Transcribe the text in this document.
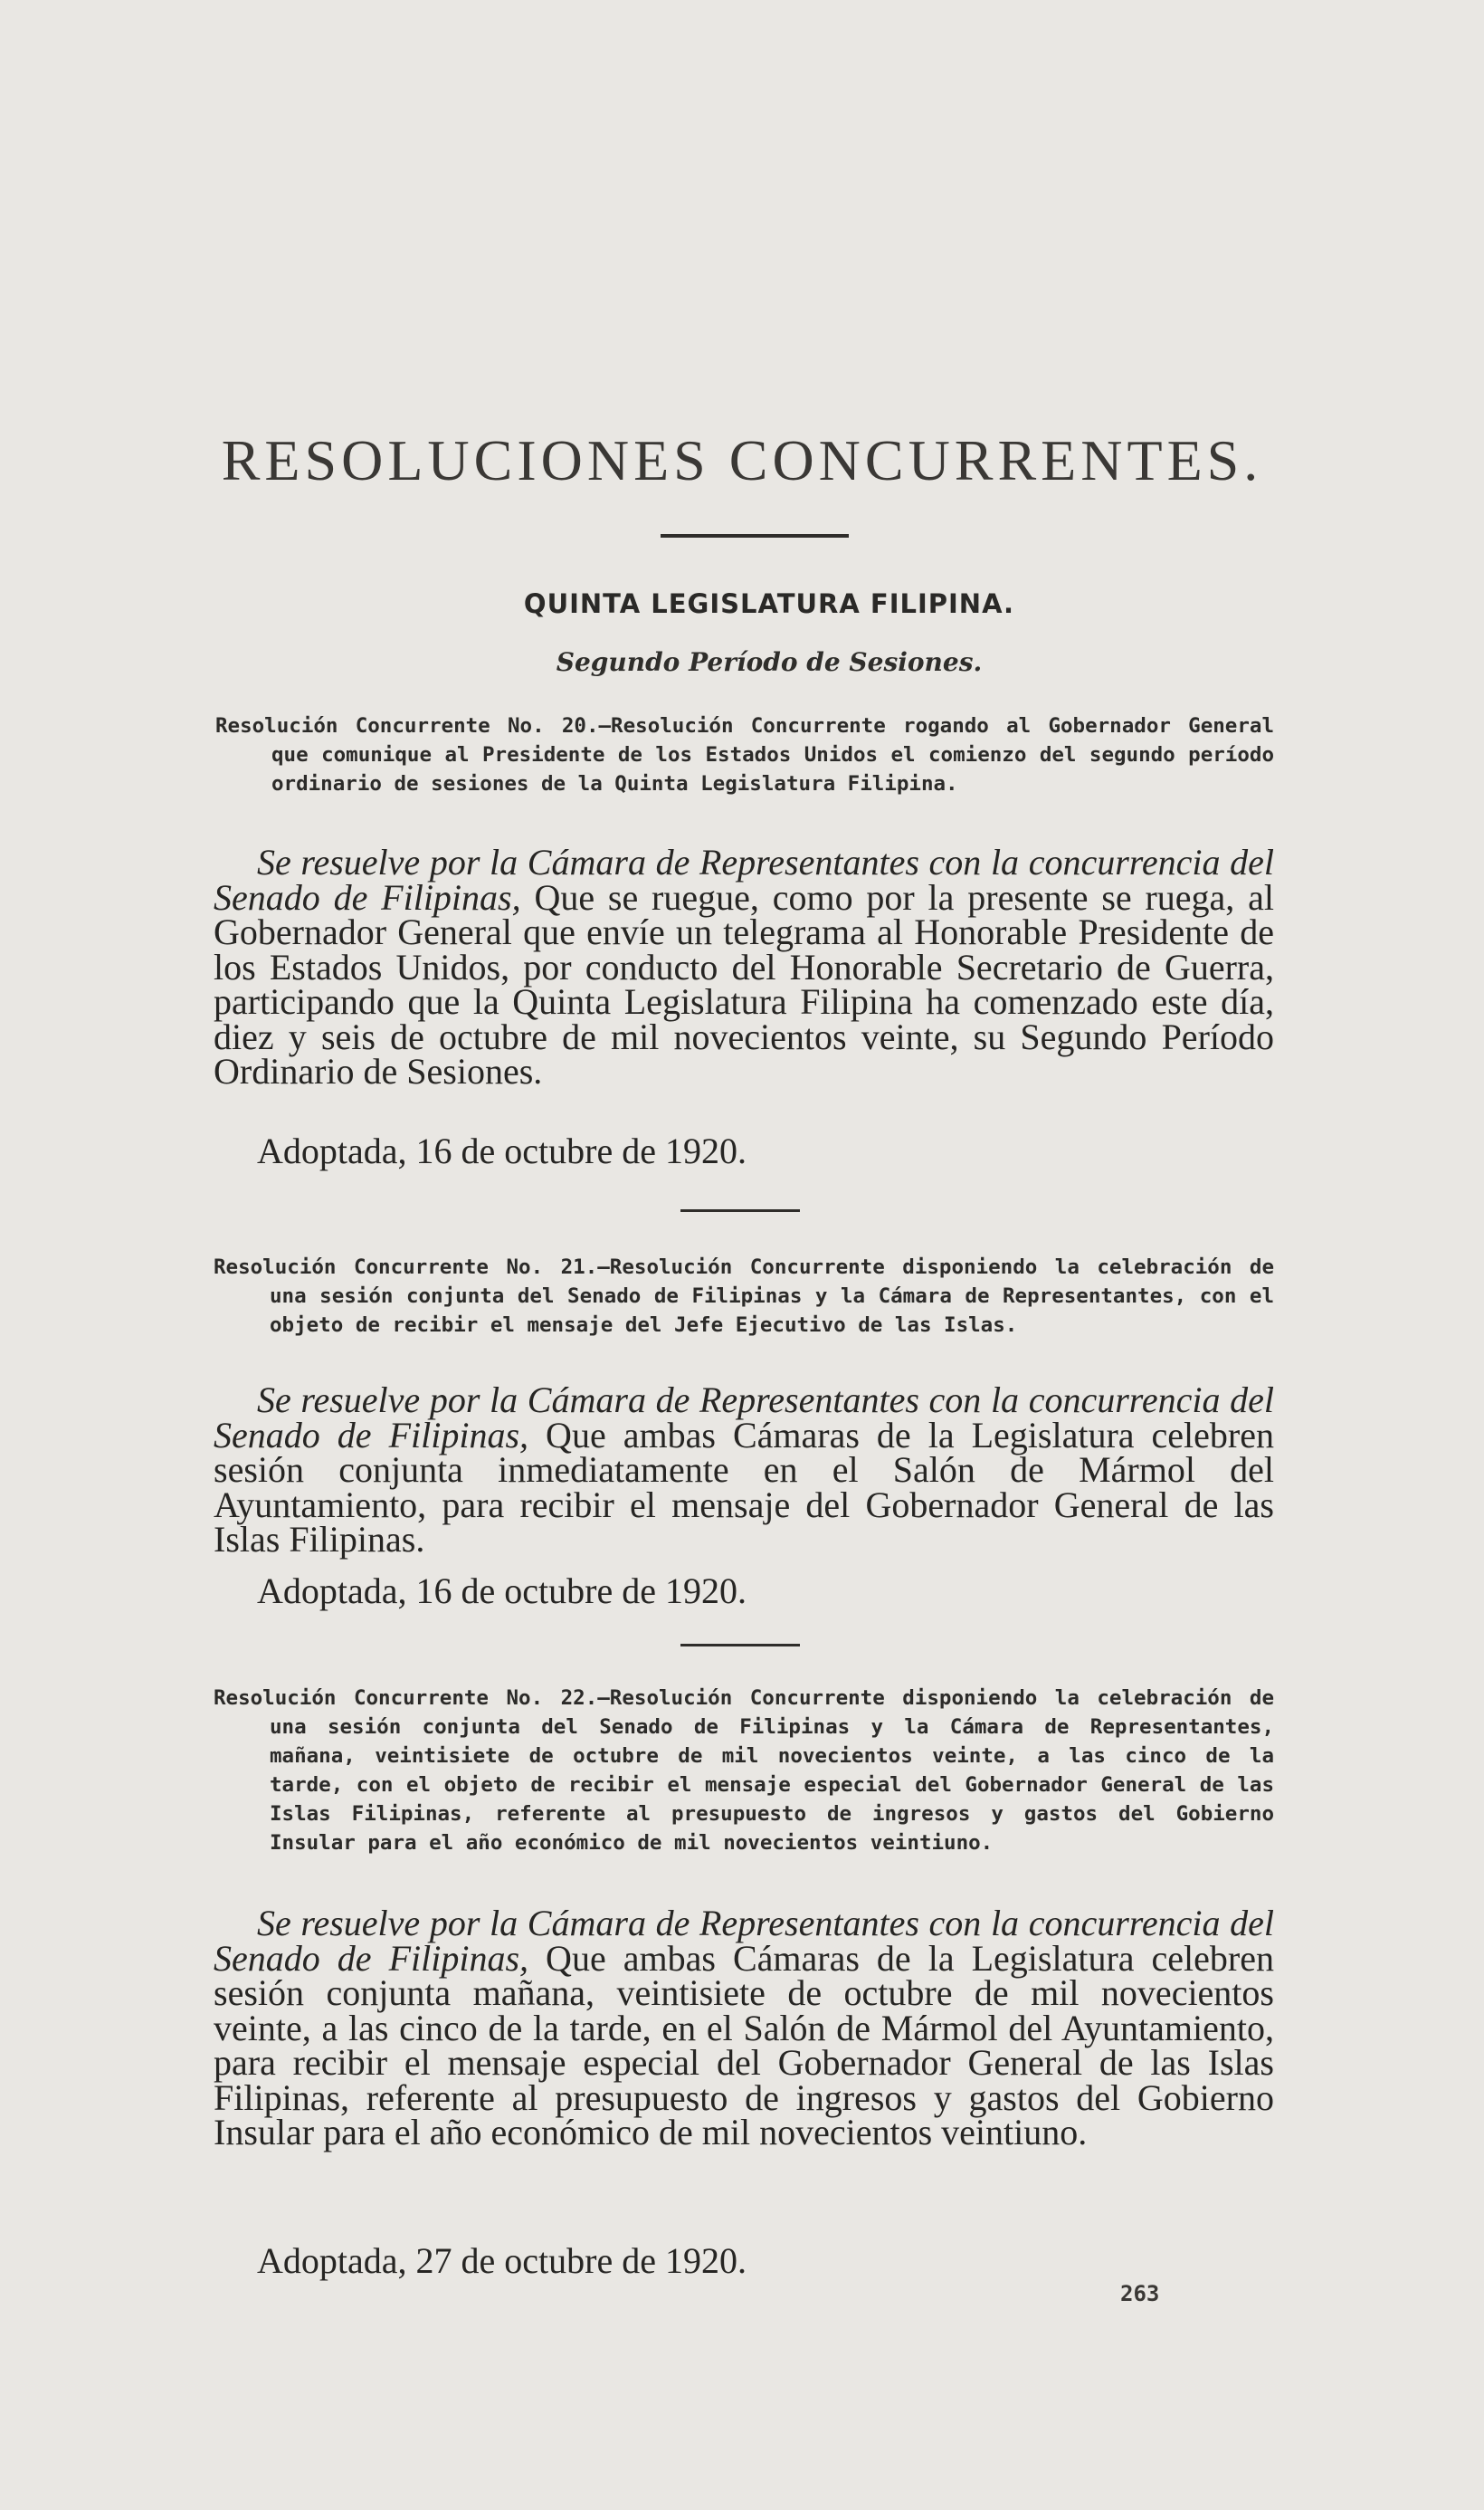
RESOLUCIONES CONCURRENTES.

QUINTA LEGISLATURA FILIPINA.

Segundo Período de Sesiones.

Resolución Concurrente No. 20.—Resolución Concurrente rogando al Gobernador General que comunique al Presidente de los Estados Unidos el comienzo del segundo período ordinario de sesiones de la Quinta Legislatura Filipina.

Se resuelve por la Cámara de Representantes con la concurrencia del Senado de Filipinas, Que se ruegue, como por la presente se ruega, al Gobernador General que envíe un telegrama al Honorable Presidente de los Estados Unidos, por conducto del Honorable Secretario de Guerra, participando que la Quinta Legislatura Filipina ha comenzado este día, diez y seis de octubre de mil novecientos veinte, su Segundo Período Ordinario de Sesiones.

Adoptada, 16 de octubre de 1920.

Resolución Concurrente No. 21.—Resolución Concurrente disponiendo la celebración de una sesión conjunta del Senado de Filipinas y la Cámara de Representantes, con el objeto de recibir el mensaje del Jefe Ejecutivo de las Islas.

Se resuelve por la Cámara de Representantes con la concurrencia del Senado de Filipinas, Que ambas Cámaras de la Legislatura celebren sesión conjunta inmediatamente en el Salón de Mármol del Ayuntamiento, para recibir el mensaje del Gobernador General de las Islas Filipinas.

Adoptada, 16 de octubre de 1920.

Resolución Concurrente No. 22.—Resolución Concurrente disponiendo la celebración de una sesión conjunta del Senado de Filipinas y la Cámara de Representantes, mañana, veintisiete de octubre de mil novecientos veinte, a las cinco de la tarde, con el objeto de recibir el mensaje especial del Gobernador General de las Islas Filipinas, referente al presupuesto de ingresos y gastos del Gobierno Insular para el año económico de mil novecientos veintiuno.

Se resuelve por la Cámara de Representantes con la concurrencia del Senado de Filipinas, Que ambas Cámaras de la Legislatura celebren sesión conjunta mañana, veintisiete de octubre de mil novecientos veinte, a las cinco de la tarde, en el Salón de Mármol del Ayuntamiento, para recibir el mensaje especial del Gobernador General de las Islas Filipinas, referente al presupuesto de ingresos y gastos del Gobierno Insular para el año económico de mil novecientos veintiuno.

Adoptada, 27 de octubre de 1920.

263
